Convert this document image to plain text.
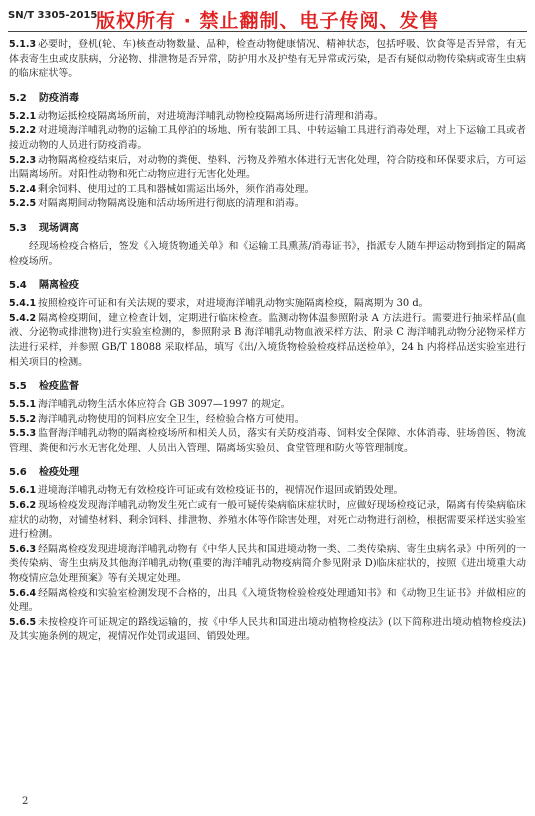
SN/T 3305-2015
版权所有 · 禁止翻制、电子传阅、发售

5.1.3 必要时，登机(轮、车)核查动物数量、品种，检查动物健康情况、精神状态，包括呼吸、饮食等是否异常，有无体表寄生虫或皮肤病，分泌物、排泄物是否异常，防护用水及护垫有无异常或污染，是否有疑似动物传染病或寄生虫病的临床症状等。

5.2 防疫消毒

5.2.1 动物运抵检疫隔离场所前，对进境海洋哺乳动物检疫隔离场所进行清理和消毒。

5.2.2 对进境海洋哺乳动物的运输工具停泊的场地、所有装卸工具、中转运输工具进行消毒处理，对上下运输工具或者接近动物的人员进行防疫消毒。

5.2.3 动物隔离检疫结束后，对动物的粪便、垫料、污物及养殖水体进行无害化处理，符合防疫和环保要求后，方可运出隔离场所。对阳性动物和死亡动物应进行无害化处理。

5.2.4 剩余饲料、使用过的工具和器械如需运出场外，须作消毒处理。

5.2.5 对隔离期间动物隔离设施和活动场所进行彻底的清理和消毒。

5.3 现场调离

经现场检疫合格后，签发《入境货物通关单》和《运输工具熏蒸/消毒证书》，指派专人随车押运动物到指定的隔离检疫场所。

5.4 隔离检疫

5.4.1 按照检疫许可证和有关法规的要求，对进境海洋哺乳动物实施隔离检疫，隔离期为 30 d。

5.4.2 隔离检疫期间，建立检查计划，定期进行临床检查。监测动物体温参照附录 A 方法进行。需要进行抽采样品(血液、分泌物或排泄物)进行实验室检测的，参照附录 B 海洋哺乳动物血液采样方法、附录 C 海洋哺乳动物分泌物采样方法进行采样，并参照 GB/T 18088 采取样品，填写《出/入境货物检验检疫样品送检单》，24 h 内将样品送实验室进行相关项目的检测。

5.5 检疫监督

5.5.1 海洋哺乳动物生活水体应符合 GB 3097—1997 的规定。

5.5.2 海洋哺乳动物使用的饲料应安全卫生，经检验合格方可使用。

5.5.3 监督海洋哺乳动物的隔离检疫场所和相关人员，落实有关防疫消毒、饲料安全保障、水体消毒、驻场兽医、物流管理、粪便和污水无害化处理、人员出入管理、隔离场实验员、食堂管理和防火等管理制度。

5.6 检疫处理

5.6.1 进境海洋哺乳动物无有效检疫许可证或有效检疫证书的，视情况作退回或销毁处理。

5.6.2 现场检疫发现海洋哺乳动物发生死亡或有一般可疑传染病临床症状时，应做好现场检疫记录，隔离有传染病临床症状的动物，对铺垫材料、剩余饲料、排泄物、养殖水体等作除害处理，对死亡动物进行剖检，根据需要采样送实验室进行检测。

5.6.3 经隔离检疫发现进境海洋哺乳动物有《中华人民共和国进境动物一类、二类传染病、寄生虫病名录》中所列的一类传染病、寄生虫病及其他海洋哺乳动物(重要的海洋哺乳动物疫病简介参见附录 D)临床症状的，按照《进出境重大动物疫情应急处理预案》等有关规定处理。

5.6.4 经隔离检疫和实验室检测发现不合格的，出具《入境货物检验检疫处理通知书》和《动物卫生证书》并做相应的处理。

5.6.5 未按检疫许可证规定的路线运输的，按《中华人民共和国进出境动植物检疫法》(以下简称进出境动植物检疫法)及其实施条例的规定，视情况作处罚或退回、销毁处理。

2
